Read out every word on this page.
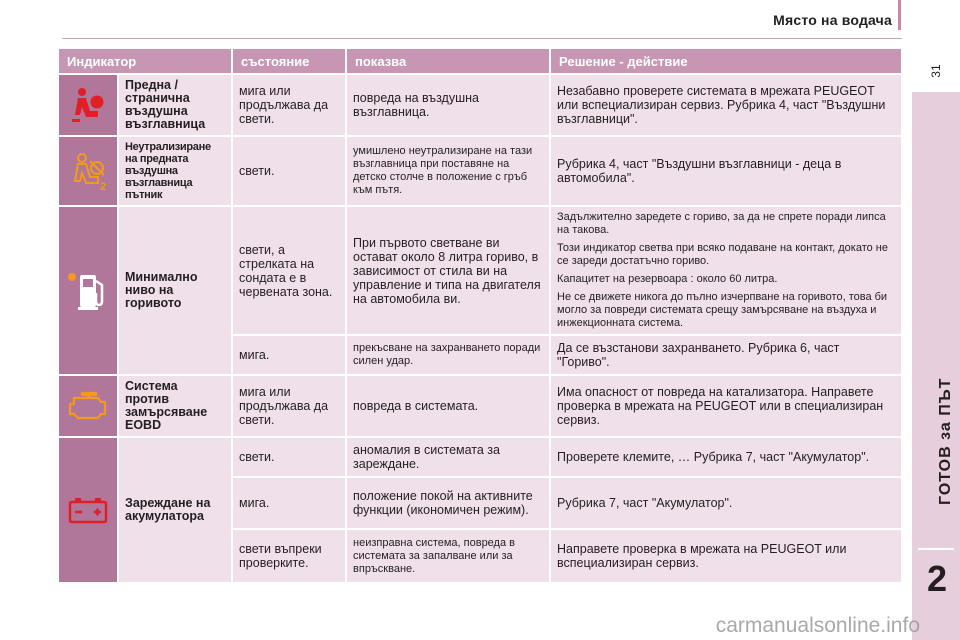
Място на водача
31
ГОТОВ за ПЪТ
2
Индикатор		състояние	показва	Решение - действие
	Предна / странична въздушна възглавница	мига или продължава да свети.	повреда на въздушна възглавница.	Незабавно проверете системата в мрежата PEUGEOT или вспециализиран сервиз. Рубрика 4, част "Въздушни възглавници".

2	Неутрализиране на предната въздушна възглавница пътник	свети.	умишлено неутрализиране на тази възглавница при поставяне на детско столче в положение с гръб към пътя.	Рубрика 4, част "Въздушни възглавници - деца в автомобила".
	Минимално ниво на горивото	свети, а стрелката на сондата е в червената зона.	При първото светване ви остават около 8 литра гориво, в зависимост от стила ви на управление и типа на двигателя на автомобила ви.	Задължително заредете с гориво, за да не спрете поради липса на такова.

Този индикатор светва при всяко подаване на контакт, докато не се зареди достатъчно гориво.

Капацитет на резервоара : около 60 литра.

Не се движете никога до пълно изчерпване на горивото, това би могло за повреди системата срещу замърсяване на въздуха и инжекционната система.

		мига.	прекъсване на захранването поради силен удар.	Да се възстанови захранването. Рубрика 6, част "Гориво".
	Система против замърсяване EOBD	мига или продължава да свети.	повреда в системата.	Има опасност от повреда на катализатора. Направете проверка в мрежата на PEUGEOT или в специализиран сервиз.
	Зареждане на акумулатора	свети.	аномалия в системата за зареждане.	Проверете клемите, … Рубрика 7, част "Акумулатор".
		мига.	положение покой на активните функции (икономичен режим).	Рубрика 7, част "Акумулатор".
		свети въпреки проверките.	неизправна система, повреда в системата за запалване или за впръскване.	Направете проверка в мрежата на PEUGEOT или вспециализиран сервиз.
carmanualsonline.info
